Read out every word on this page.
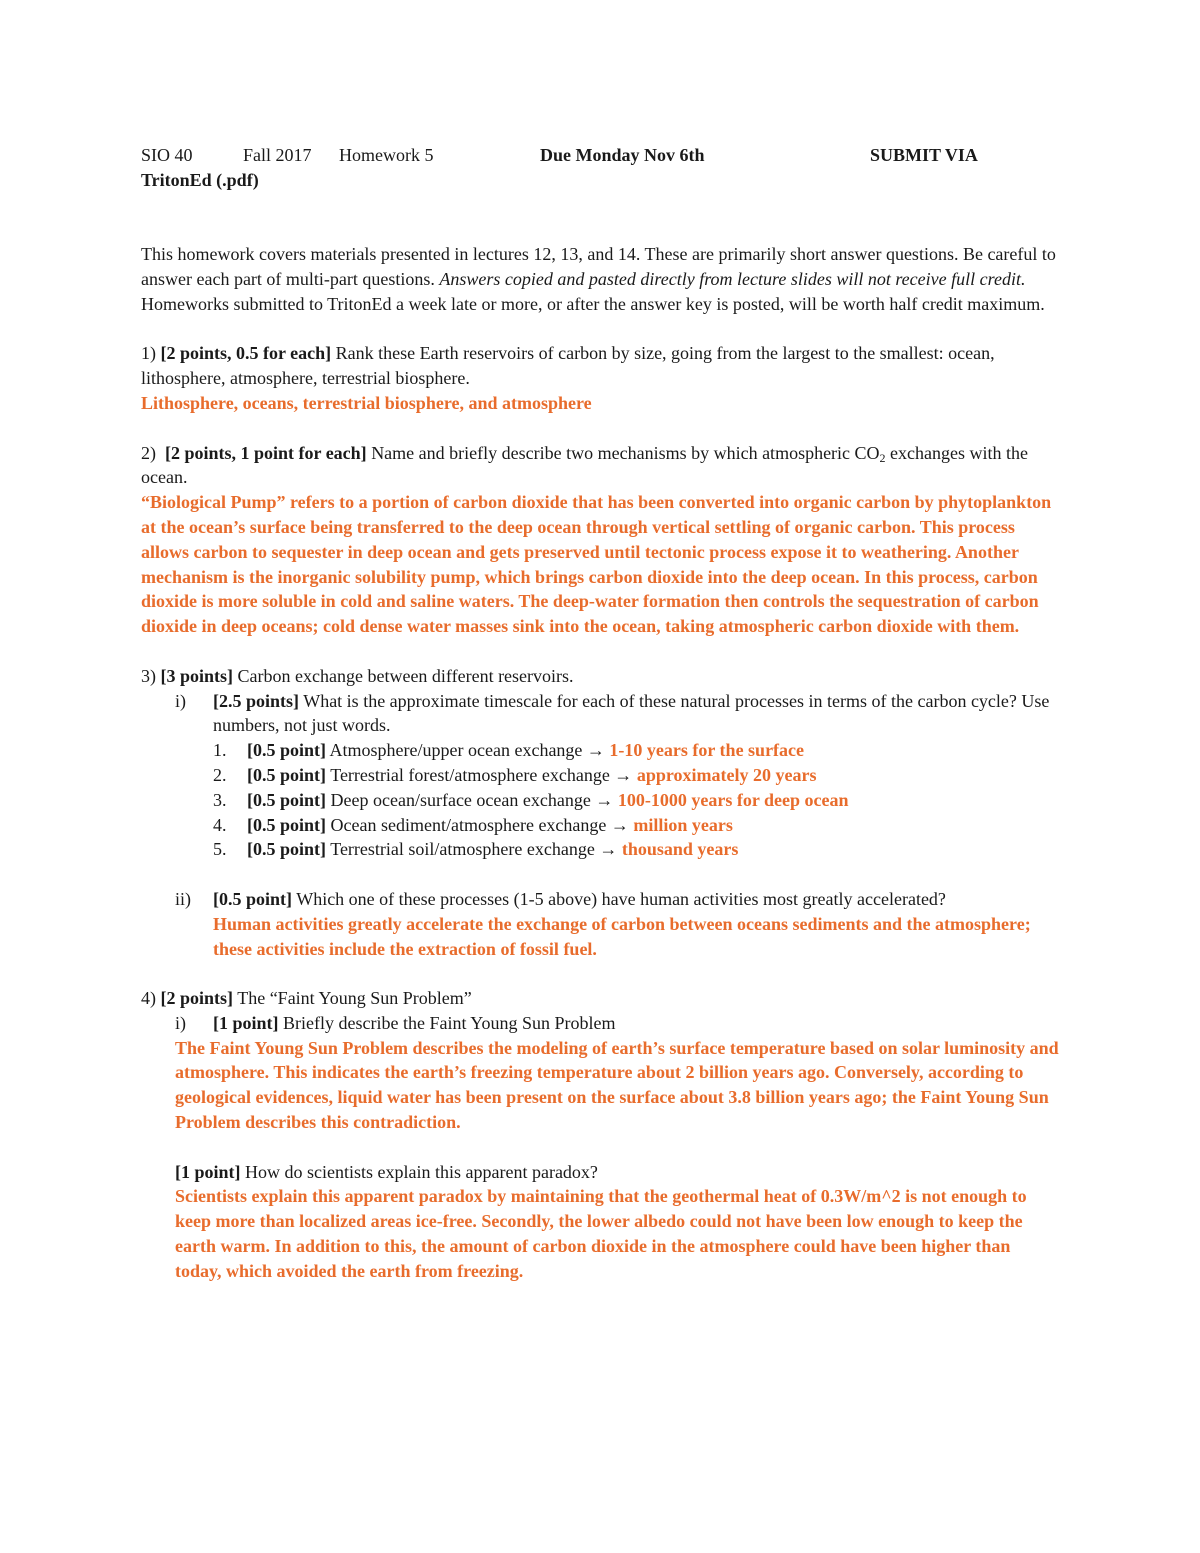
SIO 40	Fall 2017 Homework 5	Due Monday Nov 6th	SUBMIT VIA

TritonEd (.pdf)

This homework covers materials presented in lectures 12, 13, and 14. These are primarily short answer questions. Be careful to answer each part of multi-part questions. Answers copied and pasted directly from lecture slides will not receive full credit. Homeworks submitted to TritonEd a week late or more, or after the answer key is posted, will be worth half credit maximum.

1) [2 points, 0.5 for each] Rank these Earth reservoirs of carbon by size, going from the largest to the smallest: ocean, lithosphere, atmosphere, terrestrial biosphere.

Lithosphere, oceans, terrestrial biosphere, and atmosphere

2) [2 points, 1 point for each] Name and briefly describe two mechanisms by which atmospheric $CO_2$ exchanges with the ocean.

“Biological Pump” refers to a portion of carbon dioxide that has been converted into organic carbon by phytoplankton at the ocean’s surface being transferred to the deep ocean through vertical settling of organic carbon. This process allows carbon to sequester in deep ocean and gets preserved until tectonic process expose it to weathering. Another mechanism is the inorganic solubility pump, which brings carbon dioxide into the deep ocean. In this process, carbon dioxide is more soluble in cold and saline waters. The deep-water formation then controls the sequestration of carbon dioxide in deep oceans; cold dense water masses sink into the ocean, taking atmospheric carbon dioxide with them.

3) [3 points] Carbon exchange between different reservoirs.

i) [2.5 points] What is the approximate timescale for each of these natural processes in terms of the carbon cycle? Use numbers, not just words.
1. [0.5 point] Atmosphere/upper ocean exchange → 1-10 years for the surface
2. [0.5 point] Terrestrial forest/atmosphere exchange → approximately 20 years
3. [0.5 point] Deep ocean/surface ocean exchange → 100-1000 years for deep ocean
4. [0.5 point] Ocean sediment/atmosphere exchange → million years
5. [0.5 point] Terrestrial soil/atmosphere exchange → thousand years
ii) [0.5 point] Which one of these processes (1-5 above) have human activities most greatly accelerated?

Human activities greatly accelerate the exchange of carbon between oceans sediments and the atmosphere; these activities include the extraction of fossil fuel.

4) [2 points] The “Faint Young Sun Problem”

i) [1 point] Briefly describe the Faint Young Sun Problem

The Faint Young Sun Problem describes the modeling of earth’s surface temperature based on solar luminosity and atmosphere. This indicates the earth’s freezing temperature about 2 billion years ago. Conversely, according to geological evidences, liquid water has been present on the surface about 3.8 billion years ago; the Faint Young Sun Problem describes this contradiction.

[1 point] How do scientists explain this apparent paradox?

Scientists explain this apparent paradox by maintaining that the geothermal heat of 0.3W/m^2 is not enough to keep more than localized areas ice-free. Secondly, the lower albedo could not have been low enough to keep the earth warm. In addition to this, the amount of carbon dioxide in the atmosphere could have been higher than today, which avoided the earth from freezing.
